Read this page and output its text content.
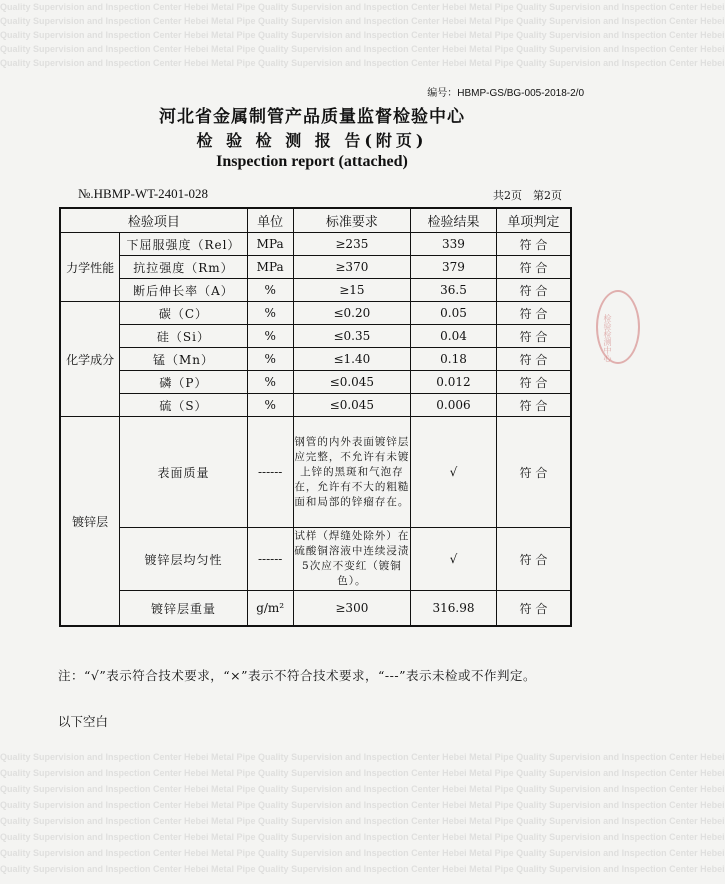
Quality Supervision and Inspection Center Hebei Metal Pipe Quality Supervision and Inspection Center Hebei Metal Pipe Quality Supervision and Inspection Center Hebei
Quality Supervision and Inspection Center Hebei Metal Pipe Quality Supervision and Inspection Center Hebei Metal Pipe Quality Supervision and Inspection Center Hebei
Quality Supervision and Inspection Center Hebei Metal Pipe Quality Supervision and Inspection Center Hebei Metal Pipe Quality Supervision and Inspection Center Hebei
Quality Supervision and Inspection Center Hebei Metal Pipe Quality Supervision and Inspection Center Hebei Metal Pipe Quality Supervision and Inspection Center Hebei
Quality Supervision and Inspection Center Hebei Metal Pipe Quality Supervision and Inspection Center Hebei Metal Pipe Quality Supervision and Inspection Center Hebei
Quality Supervision and Inspection Center Hebei Metal Pipe Quality Supervision and Inspection Center Hebei Metal Pipe Quality Supervision and Inspection Center Hebei
Quality Supervision and Inspection Center Hebei Metal Pipe Quality Supervision and Inspection Center Hebei Metal Pipe Quality Supervision and Inspection Center Hebei
Quality Supervision and Inspection Center Hebei Metal Pipe Quality Supervision and Inspection Center Hebei Metal Pipe Quality Supervision and Inspection Center Hebei
Quality Supervision and Inspection Center Hebei Metal Pipe Quality Supervision and Inspection Center Hebei Metal Pipe Quality Supervision and Inspection Center Hebei
Quality Supervision and Inspection Center Hebei Metal Pipe Quality Supervision and Inspection Center Hebei Metal Pipe Quality Supervision and Inspection Center Hebei
Quality Supervision and Inspection Center Hebei Metal Pipe Quality Supervision and Inspection Center Hebei Metal Pipe Quality Supervision and Inspection Center Hebei
Quality Supervision and Inspection Center Hebei Metal Pipe Quality Supervision and Inspection Center Hebei Metal Pipe Quality Supervision and Inspection Center Hebei
Quality Supervision and Inspection Center Hebei Metal Pipe Quality Supervision and Inspection Center Hebei Metal Pipe Quality Supervision and Inspection Center Hebei
编号：HBMP-GS/BG-005-2018-2/0
河北省金属制管产品质量监督检验中心
检 验 检 测 报 告(附页)
Inspection report (attached)
№.HBMP-WT-2401-028	共2页　第2页
检验检测中心
检验项目		单位	标准要求	检验结果	单项判定
力学性能	下屈服强度（Rel）	MPa	≥235	339	符 合
	抗拉强度（Rm）	MPa	≥370	379	符 合
	断后伸长率（A）	%	≥15	36.5	符 合
化学成分	碳（C）	%	≤0.20	0.05	符 合
	硅（Si）	%	≤0.35	0.04	符 合
	锰（Mn）	%	≤1.40	0.18	符 合
	磷（P）	%	≤0.045	0.012	符 合
	硫（S）	%	≤0.045	0.006	符 合
镀锌层	表面质量	------	钢管的内外表面镀锌层应完整，不允许有未镀上锌的黑斑和气泡存在，允许有不大的粗糙面和局部的锌瘤存在。	√	符 合
	镀锌层均匀性	------	试样（焊缝处除外）在硫酸铜溶液中连续浸渍5次应不变红（镀铜色）。	√	符 合
	镀锌层重量	g/m²	≥300	316.98	符 合
注：“√”表示符合技术要求，“×”表示不符合技术要求，“---”表示未检或不作判定。
以下空白
